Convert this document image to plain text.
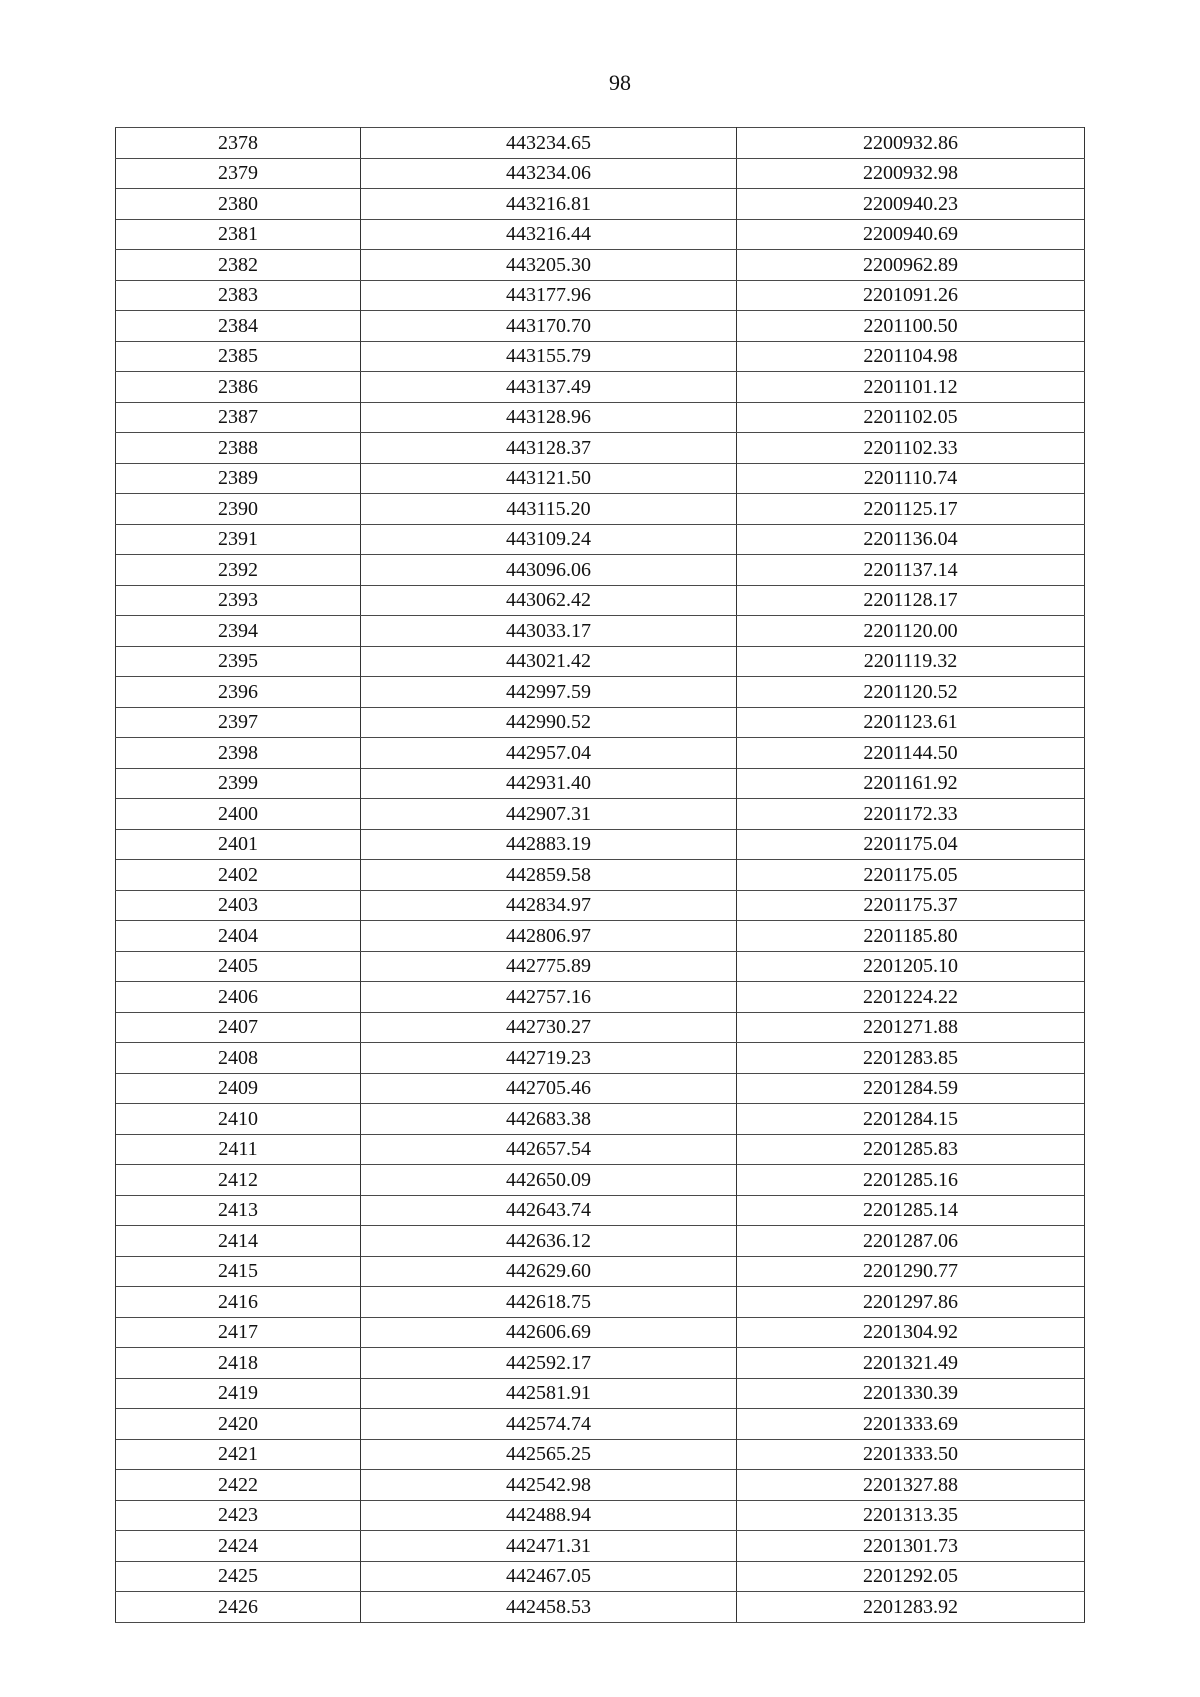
98
2378	443234.65	2200932.86
2379	443234.06	2200932.98
2380	443216.81	2200940.23
2381	443216.44	2200940.69
2382	443205.30	2200962.89
2383	443177.96	2201091.26
2384	443170.70	2201100.50
2385	443155.79	2201104.98
2386	443137.49	2201101.12
2387	443128.96	2201102.05
2388	443128.37	2201102.33
2389	443121.50	2201110.74
2390	443115.20	2201125.17
2391	443109.24	2201136.04
2392	443096.06	2201137.14
2393	443062.42	2201128.17
2394	443033.17	2201120.00
2395	443021.42	2201119.32
2396	442997.59	2201120.52
2397	442990.52	2201123.61
2398	442957.04	2201144.50
2399	442931.40	2201161.92
2400	442907.31	2201172.33
2401	442883.19	2201175.04
2402	442859.58	2201175.05
2403	442834.97	2201175.37
2404	442806.97	2201185.80
2405	442775.89	2201205.10
2406	442757.16	2201224.22
2407	442730.27	2201271.88
2408	442719.23	2201283.85
2409	442705.46	2201284.59
2410	442683.38	2201284.15
2411	442657.54	2201285.83
2412	442650.09	2201285.16
2413	442643.74	2201285.14
2414	442636.12	2201287.06
2415	442629.60	2201290.77
2416	442618.75	2201297.86
2417	442606.69	2201304.92
2418	442592.17	2201321.49
2419	442581.91	2201330.39
2420	442574.74	2201333.69
2421	442565.25	2201333.50
2422	442542.98	2201327.88
2423	442488.94	2201313.35
2424	442471.31	2201301.73
2425	442467.05	2201292.05
2426	442458.53	2201283.92
